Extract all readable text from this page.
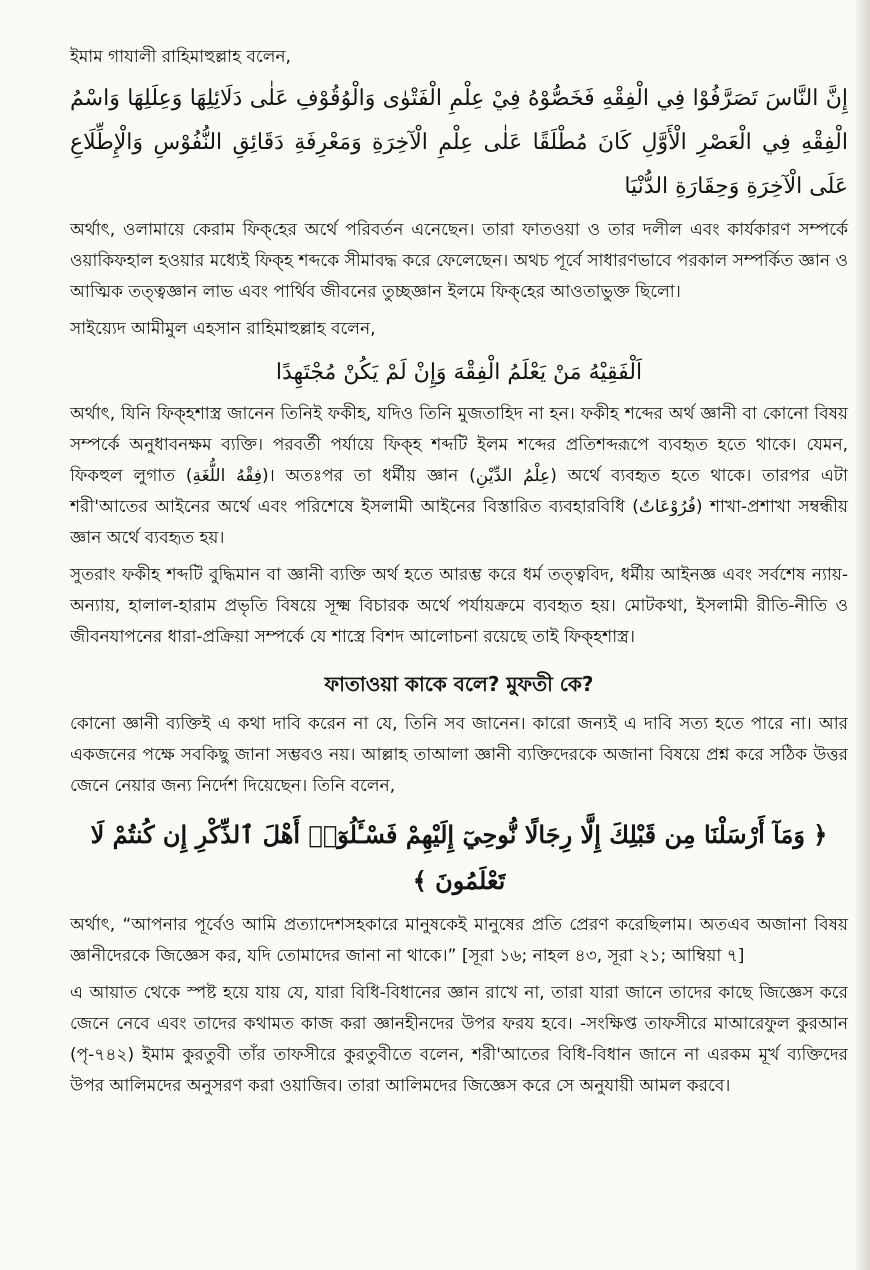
ইমাম গাযালী রাহিমাহুল্লাহ বলেন,

إِنَّ النَّاسَ تَصَرَّفُوْا فِي الْفِقْهِ فَخَصُّوْهُ فِيْ عِلْمِ الْفَتْوٰى وَالْوُقُوْفِ عَلٰى دَلَائِلِهَا وَعِلَلِهَا وَاسْمُ الْفِقْهِ فِي الْعَصْرِ الْأَوَّلِ كَانَ مُطْلَقًا عَلٰى عِلْمِ الْآخِرَةِ وَمَعْرِفَةِ دَقَائِقِ النُّفُوْسِ وَالْإِطِّلَاعِ عَلَى الْآخِرَةِ وَحِقَارَةِ الدُّنْيَا

অর্থাৎ, ওলামায়ে কেরাম ফিক্‌হের অর্থে পরিবর্তন এনেছেন। তারা ফাতওয়া ও তার দলীল এবং কার্যকারণ সম্পর্কে ওয়াকিফহাল হওয়ার মধ্যেই ফিক্‌হ শব্দকে সীমাবদ্ধ করে ফেলেছেন। অথচ পূর্বে সাধারণভাবে পরকাল সম্পর্কিত জ্ঞান ও আত্মিক তত্ত্বজ্ঞান লাভ এবং পার্থিব জীবনের তুচ্ছজ্ঞান ইলমে ফিক্‌হের আওতাভুক্ত ছিলো।

সাইয়্যেদ আমীমুল এহসান রাহিমাহুল্লাহ বলেন,

اَلْفَقِيْهُ مَنْ يَعْلَمُ الْفِقْهَ وَإِنْ لَمْ يَكُنْ مُجْتَهِدًا

অর্থাৎ, যিনি ফিক্‌হশাস্ত্র জানেন তিনিই ফকীহ, যদিও তিনি মুজতাহিদ না হন। ফকীহ শব্দের অর্থ জ্ঞানী বা কোনো বিষয় সম্পর্কে অনুধাবনক্ষম ব্যক্তি। পরবর্তী পর্যায়ে ফিক্‌হ শব্দটি ইলম শব্দের প্রতিশব্দরূপে ব্যবহৃত হতে থাকে। যেমন, ফিকহুল লুগাত (فِقْهُ اللُّغَةِ)। অতঃপর তা ধর্মীয় জ্ঞান (عِلْمُ الدِّيْنِ) অর্থে ব্যবহৃত হতে থাকে। তারপর এটা শরী'আতের আইনের অর্থে এবং পরিশেষে ইসলামী আইনের বিস্তারিত ব্যবহারবিধি (فُرُوْعَاتٌ) শাখা-প্রশাখা সম্বন্ধীয় জ্ঞান অর্থে ব্যবহৃত হয়।

সুতরাং ফকীহ শব্দটি বুদ্ধিমান বা জ্ঞানী ব্যক্তি অর্থ হতে আরম্ভ করে ধর্ম তত্ত্ববিদ, ধর্মীয় আইনজ্ঞ এবং সর্বশেষ ন্যায়-অন্যায়, হালাল-হারাম প্রভৃতি বিষয়ে সূক্ষ্ম বিচারক অর্থে পর্যায়ক্রমে ব্যবহৃত হয়। মোটকথা, ইসলামী রীতি-নীতি ও জীবনযাপনের ধারা-প্রক্রিয়া সম্পর্কে যে শাস্ত্রে বিশদ আলোচনা রয়েছে তাই ফিক্‌হশাস্ত্র।

ফাতাওয়া কাকে বলে? মুফতী কে?

কোনো জ্ঞানী ব্যক্তিই এ কথা দাবি করেন না যে, তিনি সব জানেন। কারো জন্যই এ দাবি সত্য হতে পারে না। আর একজনের পক্ষে সবকিছু জানা সম্ভবও নয়। আল্লাহ তাআলা জ্ঞানী ব্যক্তিদেরকে অজানা বিষয়ে প্রশ্ন করে সঠিক উত্তর জেনে নেয়ার জন্য নির্দেশ দিয়েছেন। তিনি বলেন,

﴿ وَمَآ أَرْسَلْنَا مِن قَبْلِكَ إِلَّا رِجَالًا نُّوحِيٓ إِلَيْهِمْ فَسْـَٔلُوٓا۟ أَهْلَ ٱلذِّكْرِ إِن كُنتُمْ لَا تَعْلَمُونَ ﴾

অর্থাৎ, “আপনার পূর্বেও আমি প্রত্যাদেশসহকারে মানুষকেই মানুষের প্রতি প্রেরণ করেছিলাম। অতএব অজানা বিষয় জ্ঞানীদেরকে জিজ্ঞেস কর, যদি তোমাদের জানা না থাকে।” [সূরা ১৬; নাহল ৪৩, সূরা ২১; আম্বিয়া ৭]

এ আয়াত থেকে স্পষ্ট হয়ে যায় যে, যারা বিধি-বিধানের জ্ঞান রাখে না, তারা যারা জানে তাদের কাছে জিজ্ঞেস করে জেনে নেবে এবং তাদের কথামত কাজ করা জ্ঞানহীনদের উপর ফরয হবে। -সংক্ষিপ্ত তাফসীরে মাআরেফুল কুরআন (পৃ-৭৪২) ইমাম কুরতুবী তাঁর তাফসীরে কুরতুবীতে বলেন, শরী'আতের বিধি-বিধান জানে না এরকম মূর্খ ব্যক্তিদের উপর আলিমদের অনুসরণ করা ওয়াজিব। তারা আলিমদের জিজ্ঞেস করে সে অনুযায়ী আমল করবে।
